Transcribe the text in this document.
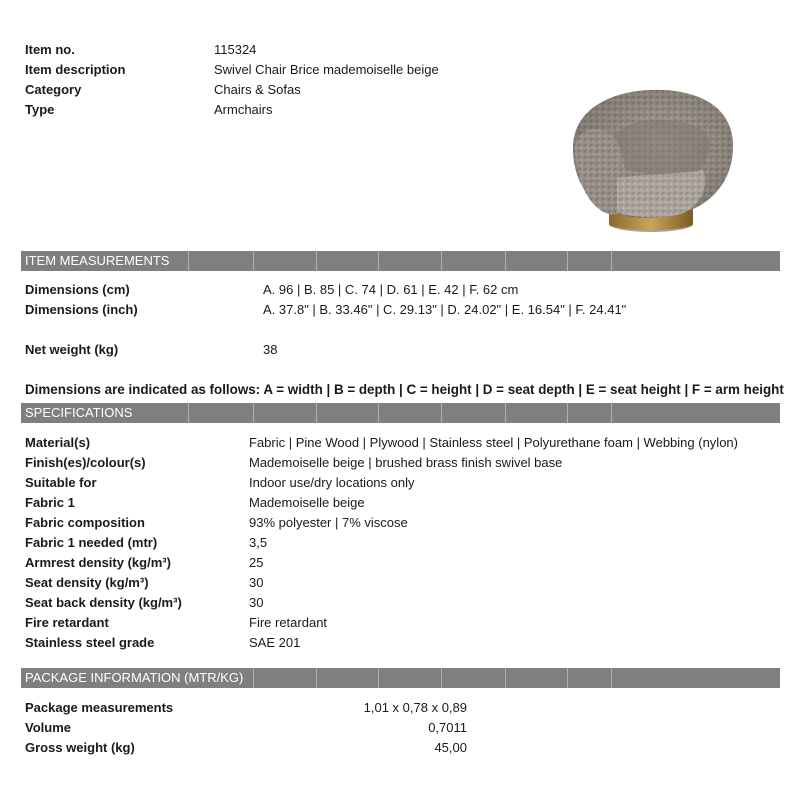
Item no.	115324
Item description	Swivel Chair Brice mademoiselle beige
Category	Chairs & Sofas
Type	Armchairs
ITEM MEASUREMENTS
Dimensions (cm)	A. 96 | B. 85 | C. 74 | D. 61 | E. 42 | F. 62 cm
Dimensions (inch)	A. 37.8" | B. 33.46" | C. 29.13" | D. 24.02" | E. 16.54" | F. 24.41"
Net weight (kg)	38
Dimensions are indicated as follows: A = width | B = depth | C = height | D = seat depth | E = seat height | F = arm height
SPECIFICATIONS
Material(s)	Fabric | Pine Wood | Plywood | Stainless steel | Polyurethane foam | Webbing (nylon)
Finish(es)/colour(s)	Mademoiselle beige | brushed brass finish swivel base
Suitable for	Indoor use/dry locations only
Fabric 1	Mademoiselle beige
Fabric composition	93% polyester | 7% viscose
Fabric 1 needed (mtr)	3,5
Armrest density (kg/m³)	25
Seat density (kg/m³)	30
Seat back density (kg/m³)	30
Fire retardant	Fire retardant
Stainless steel grade	SAE 201
PACKAGE INFORMATION (MTR/KG)
Package measurements	1,01 x 0,78 x 0,89
Volume	0,7011
Gross weight (kg)	45,00
